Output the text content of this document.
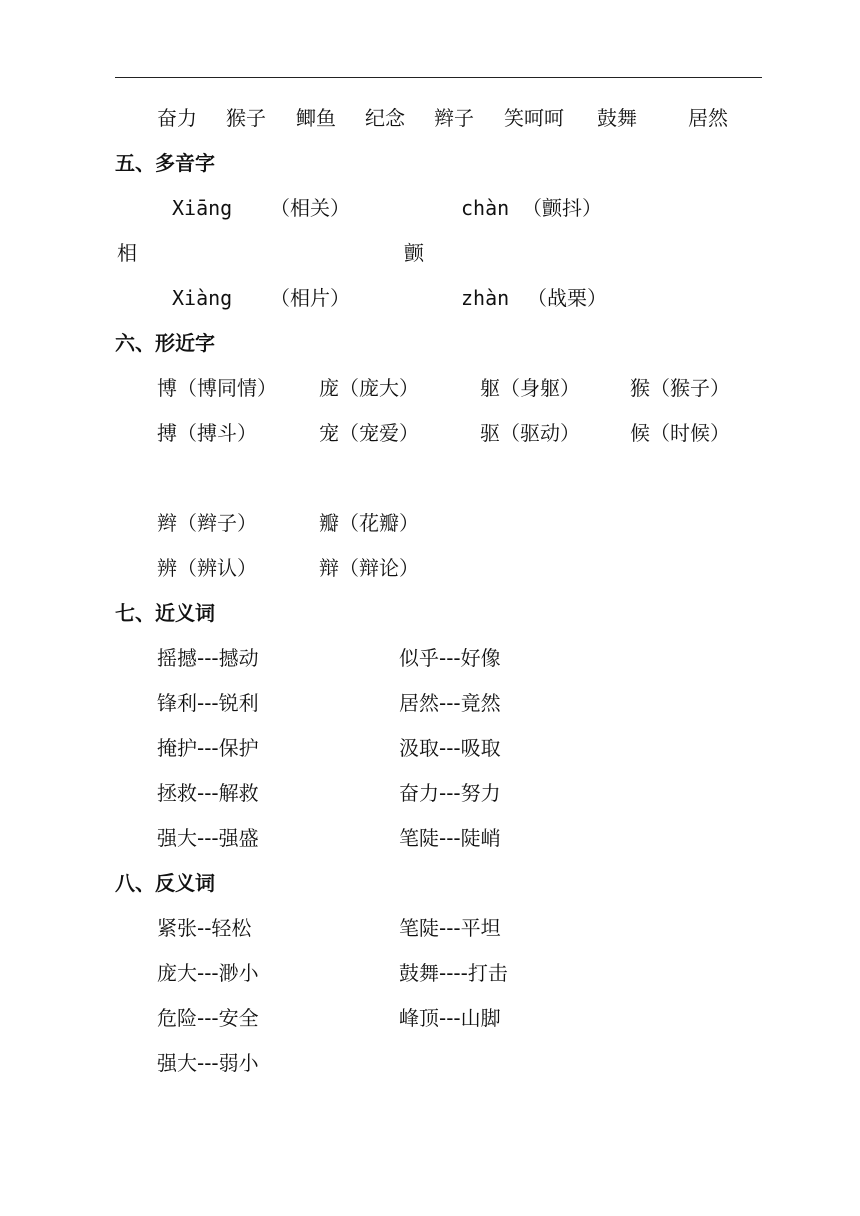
奋力 猴子 鲫鱼 纪念 辫子 笑呵呵 鼓舞	居然
五、多音字
Xiāng （相关）	chàn （颤抖）
相	颤
Xiàng （相片）	zhàn （战栗）
六、形近字
博（博同情） 庞（庞大）	躯（身躯）	猴（猴子）
搏（搏斗）	宠（宠爱）	驱（驱动）	候（时候）
辫（辫子）	瓣（花瓣）
辨（辨认）	辩（辩论）
七、近义词
摇撼---撼动	似乎---好像
锋利---锐利	居然---竟然
掩护---保护	汲取---吸取
拯救---解救	奋力---努力
强大---强盛	笔陡---陡峭
八、反义词
紧张--轻松	笔陡---平坦
庞大---渺小	鼓舞----打击
危险---安全	峰顶---山脚
强大---弱小
